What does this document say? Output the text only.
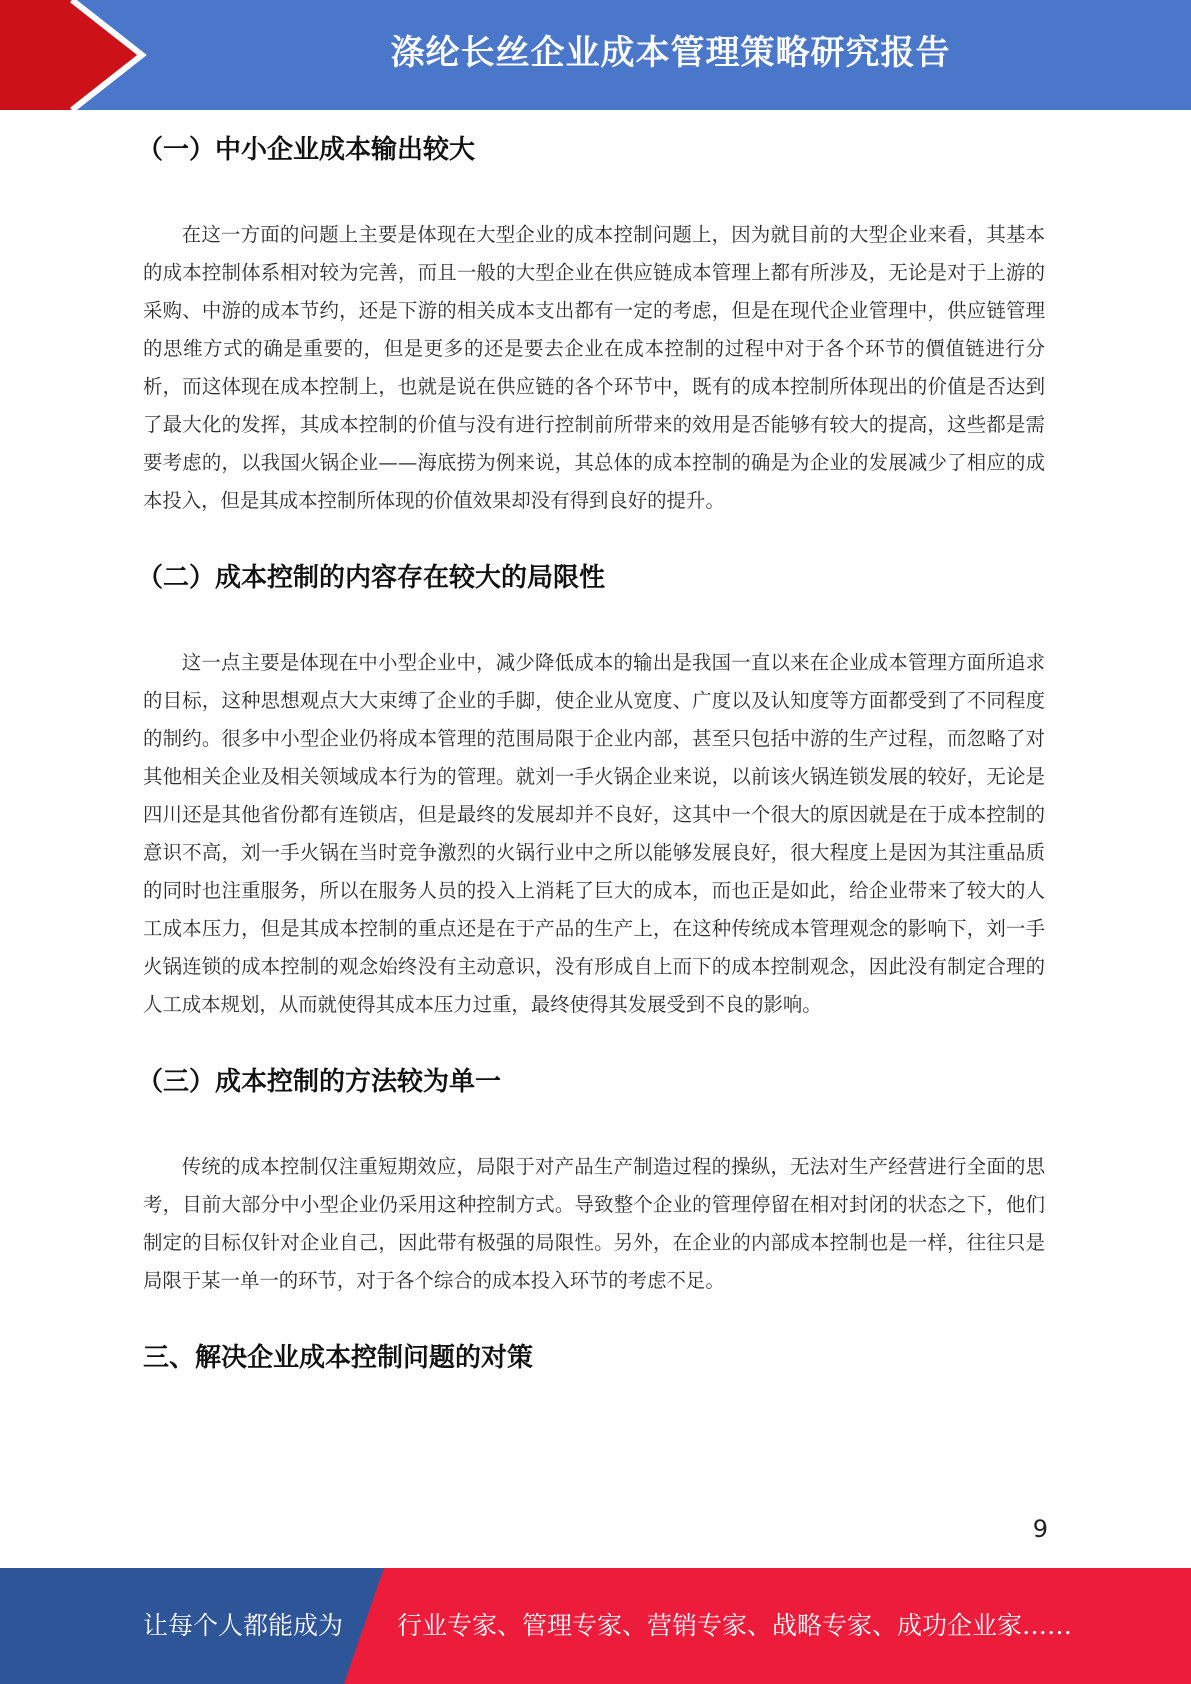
涤纶长丝企业成本管理策略研究报告
（一）中小企业成本输出较大

在这一方面的问题上主要是体现在大型企业的成本控制问题上，因为就目前的大型企业来看，其基本的成本控制体系相对较为完善，而且一般的大型企业在供应链成本管理上都有所涉及，无论是对于上游的采购、中游的成本节约，还是下游的相关成本支出都有一定的考虑，但是在现代企业管理中，供应链管理的思维方式的确是重要的，但是更多的还是要去企业在成本控制的过程中对于各个环节的價值链进行分析，而这体现在成本控制上，也就是说在供应链的各个环节中，既有的成本控制所体现出的价值是否达到了最大化的发挥，其成本控制的价值与没有进行控制前所带来的效用是否能够有较大的提高，这些都是需要考虑的，以我国火锅企业——海底捞为例来说，其总体的成本控制的确是为企业的发展减少了相应的成本投入，但是其成本控制所体现的价值效果却没有得到良好的提升。

（二）成本控制的内容存在较大的局限性

这一点主要是体现在中小型企业中，减少降低成本的输出是我国一直以来在企业成本管理方面所追求的目标，这种思想观点大大束缚了企业的手脚，使企业从宽度、广度以及认知度等方面都受到了不同程度的制约。很多中小型企业仍将成本管理的范围局限于企业内部，甚至只包括中游的生产过程，而忽略了对其他相关企业及相关领域成本行为的管理。就刘一手火锅企业来说，以前该火锅连锁发展的较好，无论是四川还是其他省份都有连锁店，但是最终的发展却并不良好，这其中一个很大的原因就是在于成本控制的意识不高，刘一手火锅在当时竞争激烈的火锅行业中之所以能够发展良好，很大程度上是因为其注重品质的同时也注重服务，所以在服务人员的投入上消耗了巨大的成本，而也正是如此，给企业带来了较大的人工成本压力，但是其成本控制的重点还是在于产品的生产上，在这种传统成本管理观念的影响下，刘一手火锅连锁的成本控制的观念始终没有主动意识，没有形成自上而下的成本控制观念，因此没有制定合理的人工成本规划，从而就使得其成本压力过重，最终使得其发展受到不良的影响。

（三）成本控制的方法较为单一

传统的成本控制仅注重短期效应，局限于对产品生产制造过程的操纵，无法对生产经营进行全面的思考，目前大部分中小型企业仍采用这种控制方式。导致整个企业的管理停留在相对封闭的状态之下，他们制定的目标仅针对企业自己，因此带有极强的局限性。另外，在企业的内部成本控制也是一样，往往只是局限于某一单一的环节，对于各个综合的成本投入环节的考虑不足。

三、解决企业成本控制问题的对策
9
让每个人都能成为 行业专家、管理专家、营销专家、战略专家、成功企业家……
